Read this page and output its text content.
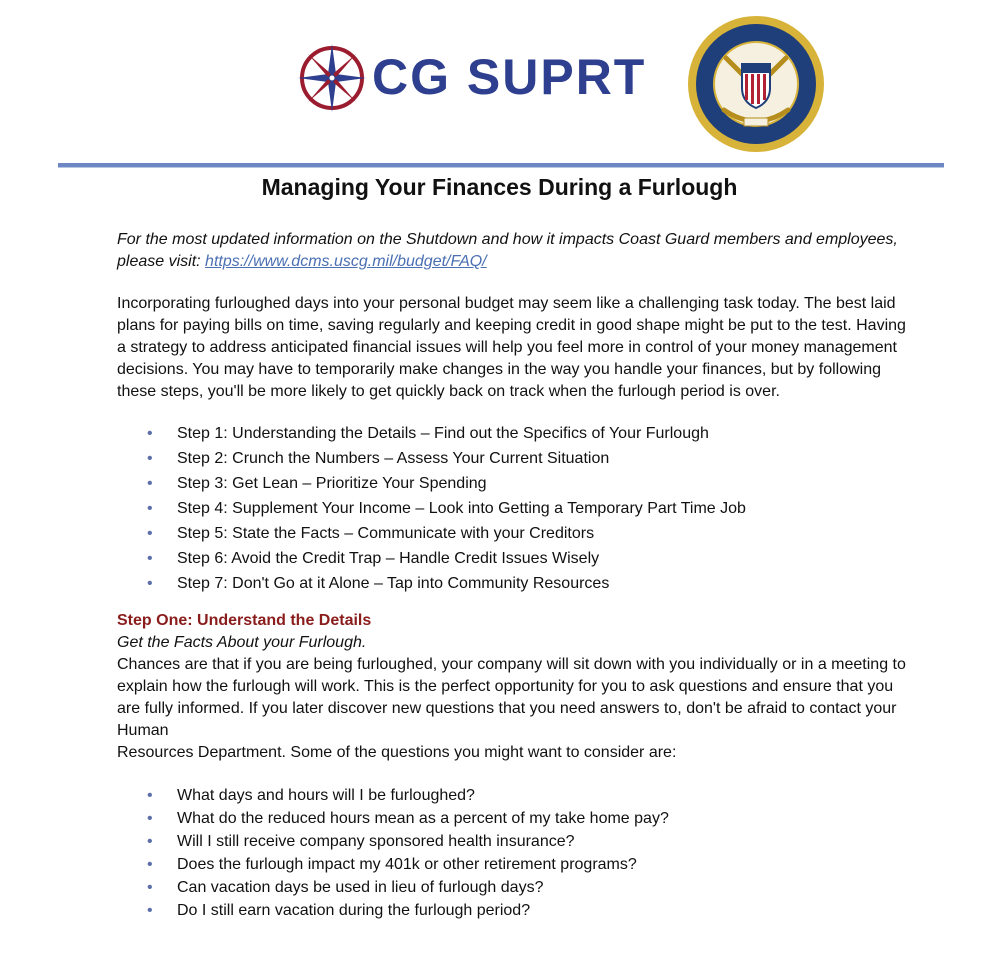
CG SUPRT
Managing Your Finances During a Furlough

For the most updated information on the Shutdown and how it impacts Coast Guard members and employees, please visit: https://www.dcms.uscg.mil/budget/FAQ/

Incorporating furloughed days into your personal budget may seem like a challenging task today. The best laid plans for paying bills on time, saving regularly and keeping credit in good shape might be put to the test. Having a strategy to address anticipated financial issues will help you feel more in control of your money management decisions. You may have to temporarily make changes in the way you handle your finances, but by following these steps, you'll be more likely to get quickly back on track when the furlough period is over.

• Step 1: Understanding the Details – Find out the Specifics of Your Furlough
• Step 2: Crunch the Numbers – Assess Your Current Situation
• Step 3: Get Lean – Prioritize Your Spending
• Step 4: Supplement Your Income – Look into Getting a Temporary Part Time Job
• Step 5: State the Facts – Communicate with your Creditors
• Step 6: Avoid the Credit Trap – Handle Credit Issues Wisely
• Step 7: Don't Go at it Alone – Tap into Community Resources
Step One: Understand the Details

Get the Facts About your Furlough.

Chances are that if you are being furloughed, your company will sit down with you individually or in a meeting to explain how the furlough will work. This is the perfect opportunity for you to ask questions and ensure that you are fully informed. If you later discover new questions that you need answers to, don't be afraid to contact your Human

Resources Department. Some of the questions you might want to consider are:

• What days and hours will I be furloughed?
• What do the reduced hours mean as a percent of my take home pay?
• Will I still receive company sponsored health insurance?
• Does the furlough impact my 401k or other retirement programs?
• Can vacation days be used in lieu of furlough days?
• Do I still earn vacation during the furlough period?
